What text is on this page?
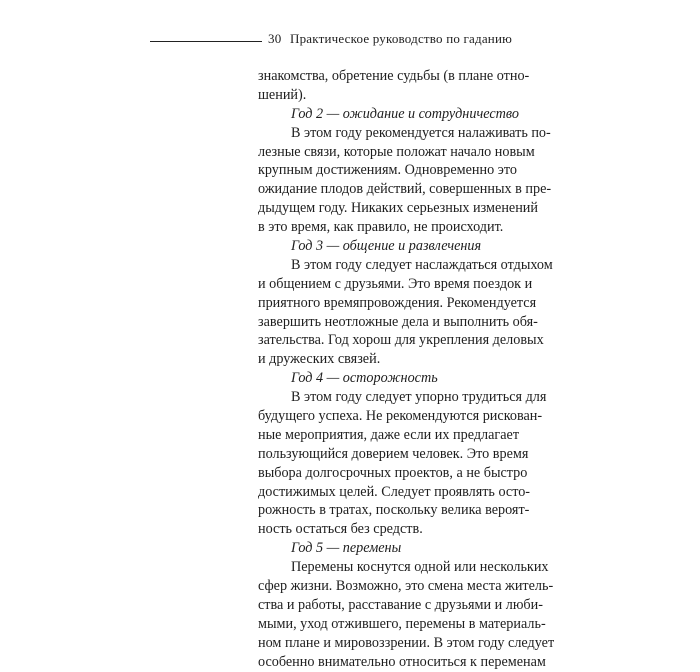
30 Практическое руководство по гаданию
знакомства, обретение судьбы (в плане отно-
шений).
Год 2 — ожидание и сотрудничество
В этом году рекомендуется налаживать по-
лезные связи, которые положат начало новым
крупным достижениям. Одновременно это
ожидание плодов действий, совершенных в пре-
дыдущем году. Никаких серьезных изменений
в это время, как правило, не происходит.
Год 3 — общение и развлечения
В этом году следует наслаждаться отдыхом
и общением с друзьями. Это время поездок и
приятного времяпровождения. Рекомендуется
завершить неотложные дела и выполнить обя-
зательства. Год хорош для укрепления деловых
и дружеских связей.
Год 4 — осторожность
В этом году следует упорно трудиться для
будущего успеха. Не рекомендуются рискован-
ные мероприятия, даже если их предлагает
пользующийся доверием человек. Это время
выбора долгосрочных проектов, а не быстро
достижимых целей. Следует проявлять осто-
рожность в тратах, поскольку велика вероят-
ность остаться без средств.
Год 5 — перемены
Перемены коснутся одной или нескольких
сфер жизни. Возможно, это смена места житель-
ства и работы, расставание с друзьями и люби-
мыми, уход отжившего, перемены в материаль-
ном плане и мировоззрении. В этом году следует
особенно внимательно относиться к переменам
